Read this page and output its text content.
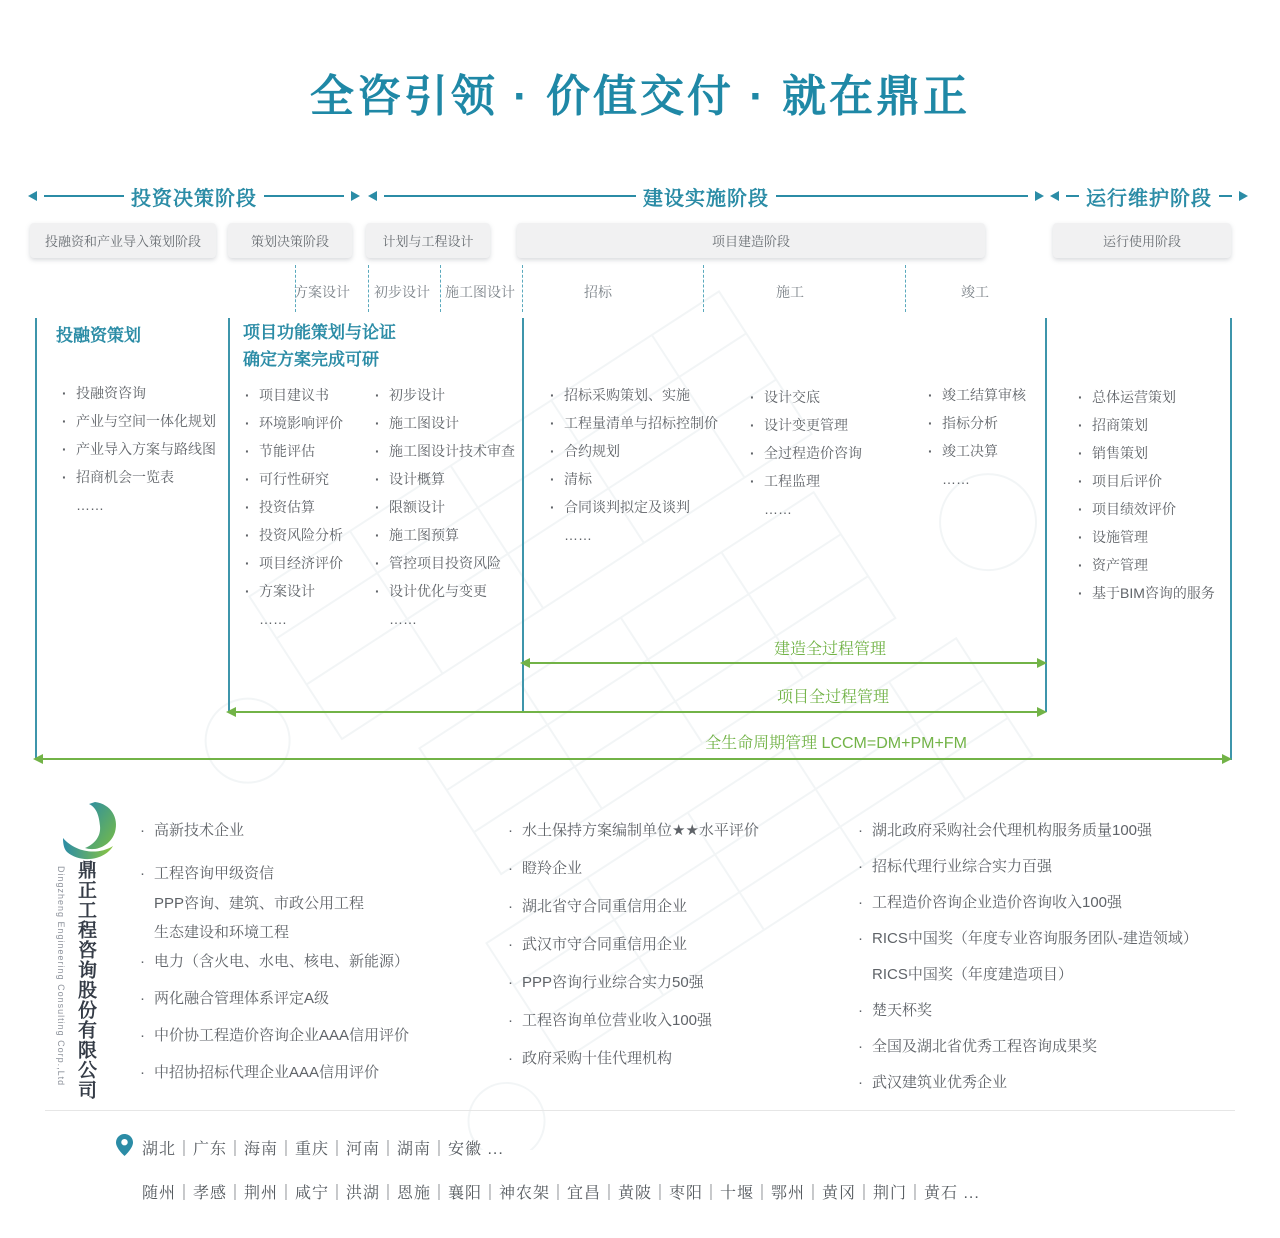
全咨引领 · 价值交付 · 就在鼎正
投资决策阶段	建设实施阶段	运行维护阶段
投融资和产业导入策划阶段	策划决策阶段	计划与工程设计	项目建造阶段	运行使用阶段
方案设计 初步设计 施工图设计	招标	施工	竣工
投融资策划	项目功能策划与论证
确定方案完成可研
· 投融资咨询
· 产业与空间一体化规划
· 产业导入方案与路线图
· 招商机会一览表
……
· 项目建议书
· 环境影响评价
· 节能评估
· 可行性研究
· 投资估算
· 投资风险分析
· 项目经济评价
· 方案设计
……
· 初步设计
· 施工图设计
· 施工图设计技术审查
· 设计概算
· 限额设计
· 施工图预算
· 管控项目投资风险
· 设计优化与变更
……
· 招标采购策划、实施
· 工程量清单与招标控制价
· 合约规划
· 清标
· 合同谈判拟定及谈判
……
· 设计交底
· 设计变更管理
· 全过程造价咨询
· 工程监理
……
· 竣工结算审核
· 指标分析
· 竣工决算
……
· 总体运营策划
· 招商策划
· 销售策划
· 项目后评价
· 项目绩效评价
· 设施管理
· 资产管理
· 基于BIM咨询的服务
建造全过程管理
项目全过程管理
全生命周期管理 LCCM=DM+PM+FM
鼎正工程咨询股份有限公司
Dingzheng Engineering Consulting Corp.,Ltd
· 高新技术企业
· 工程咨询甲级资信
PPP咨询、建筑、市政公用工程
生态建设和环境工程
· 电力（含火电、水电、核电、新能源）
· 两化融合管理体系评定A级
· 中价协工程造价咨询企业AAA信用评价
· 中招协招标代理企业AAA信用评价
· 水土保持方案编制单位★★水平评价
· 瞪羚企业
· 湖北省守合同重信用企业
· 武汉市守合同重信用企业
· PPP咨询行业综合实力50强
· 工程咨询单位营业收入100强
· 政府采购十佳代理机构
· 湖北政府采购社会代理机构服务质量100强
· 招标代理行业综合实力百强
· 工程造价咨询企业造价咨询收入100强
· RICS中国奖（年度专业咨询服务团队-建造领域）
RICS中国奖（年度建造项目）
· 楚天杯奖
· 全国及湖北省优秀工程咨询成果奖
· 武汉建筑业优秀企业
湖北｜广东｜海南｜重庆｜河南｜湖南｜安徽 ...
随州｜孝感｜荆州｜咸宁｜洪湖｜恩施｜襄阳｜神农架｜宜昌｜黄陂｜枣阳｜十堰｜鄂州｜黄冈｜荆门｜黄石 ...
